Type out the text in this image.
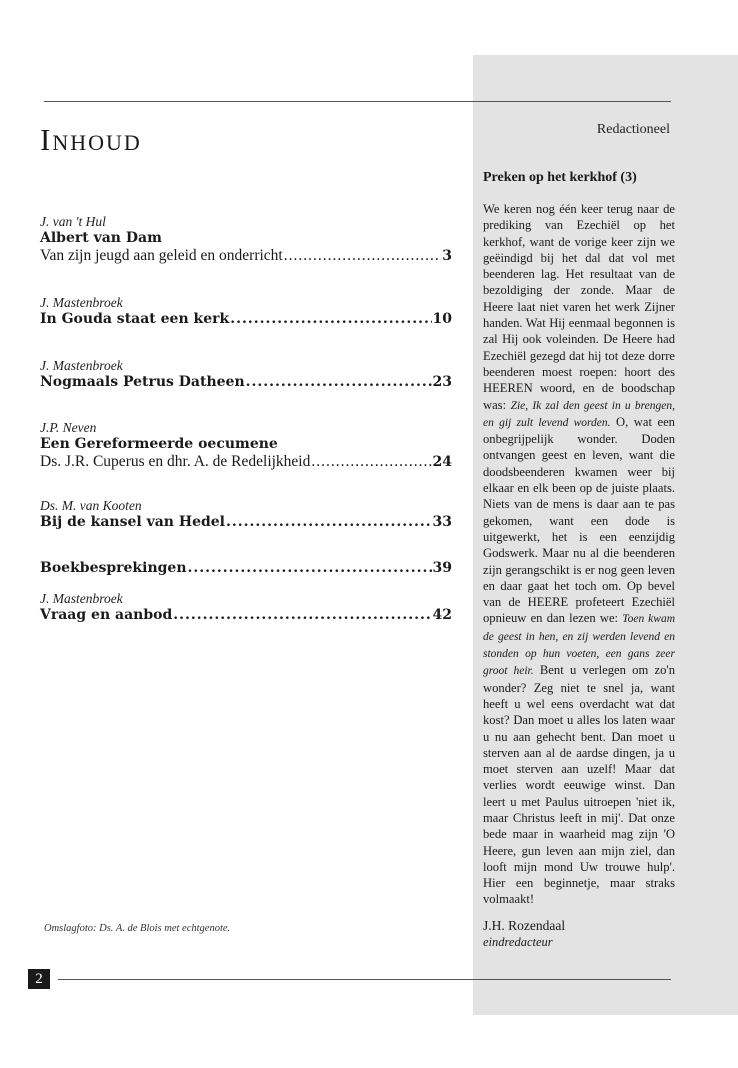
Inhoud
J. van 't Hul
Albert van Dam
Van zijn jeugd aan geleid en onderricht .....	3
J. Mastenbroek
In Gouda staat een kerk .....	10
J. Mastenbroek
Nogmaals Petrus Datheen .....	23
J.P. Neven
Een Gereformeerde oecumene
Ds. J.R. Cuperus en dhr. A. de Redelijkheid .....	24
Ds. M. van Kooten
Bij de kansel van Hedel .....	33
Boekbesprekingen .....	39
J. Mastenbroek
Vraag en aanbod .....	42
Omslagfoto: Ds. A. de Blois met echtgenote.
2
Redactioneel
Preken op het kerkhof (3)
We keren nog één keer terug naar de prediking van Ezechiël op het kerkhof, want de vorige keer zijn we geëindigd bij het dal dat vol met beenderen lag. Het resultaat van de bezoldiging der zonde. Maar de Heere laat niet varen het werk Zijner handen. Wat Hij eenmaal begonnen is zal Hij ook voleinden. De Heere had Ezechiël gezegd dat hij tot deze dorre beenderen moest roepen: hoort des HEEREN woord, en de boodschap was: Zie, Ik zal den geest in u brengen, en gij zult levend worden. O, wat een onbegrijpelijk wonder. Doden ontvangen geest en leven, want die doodsbeenderen kwamen weer bij elkaar en elk been op de juiste plaats. Niets van de mens is daar aan te pas gekomen, want een dode is uitgewerkt, het is een eenzijdig Godswerk. Maar nu al die beenderen zijn gerangschikt is er nog geen leven en daar gaat het toch om. Op bevel van de HEERE profeteert Ezechiël opnieuw en dan lezen we: Toen kwam de geest in hen, en zij werden levend en stonden op hun voeten, een gans zeer groot heir. Bent u verlegen om zo'n wonder? Zeg niet te snel ja, want heeft u wel eens overdacht wat dat kost? Dan moet u alles los laten waar u nu aan gehecht bent. Dan moet u sterven aan al de aardse dingen, ja u moet sterven aan uzelf! Maar dat verlies wordt eeuwige winst. Dan leert u met Paulus uitroepen 'niet ik, maar Christus leeft in mij'. Dat onze bede maar in waarheid mag zijn 'O Heere, gun leven aan mijn ziel, dan looft mijn mond Uw trouwe hulp'. Hier een beginnetje, maar straks volmaakt!
J.H. Rozendaal
eindredacteur
